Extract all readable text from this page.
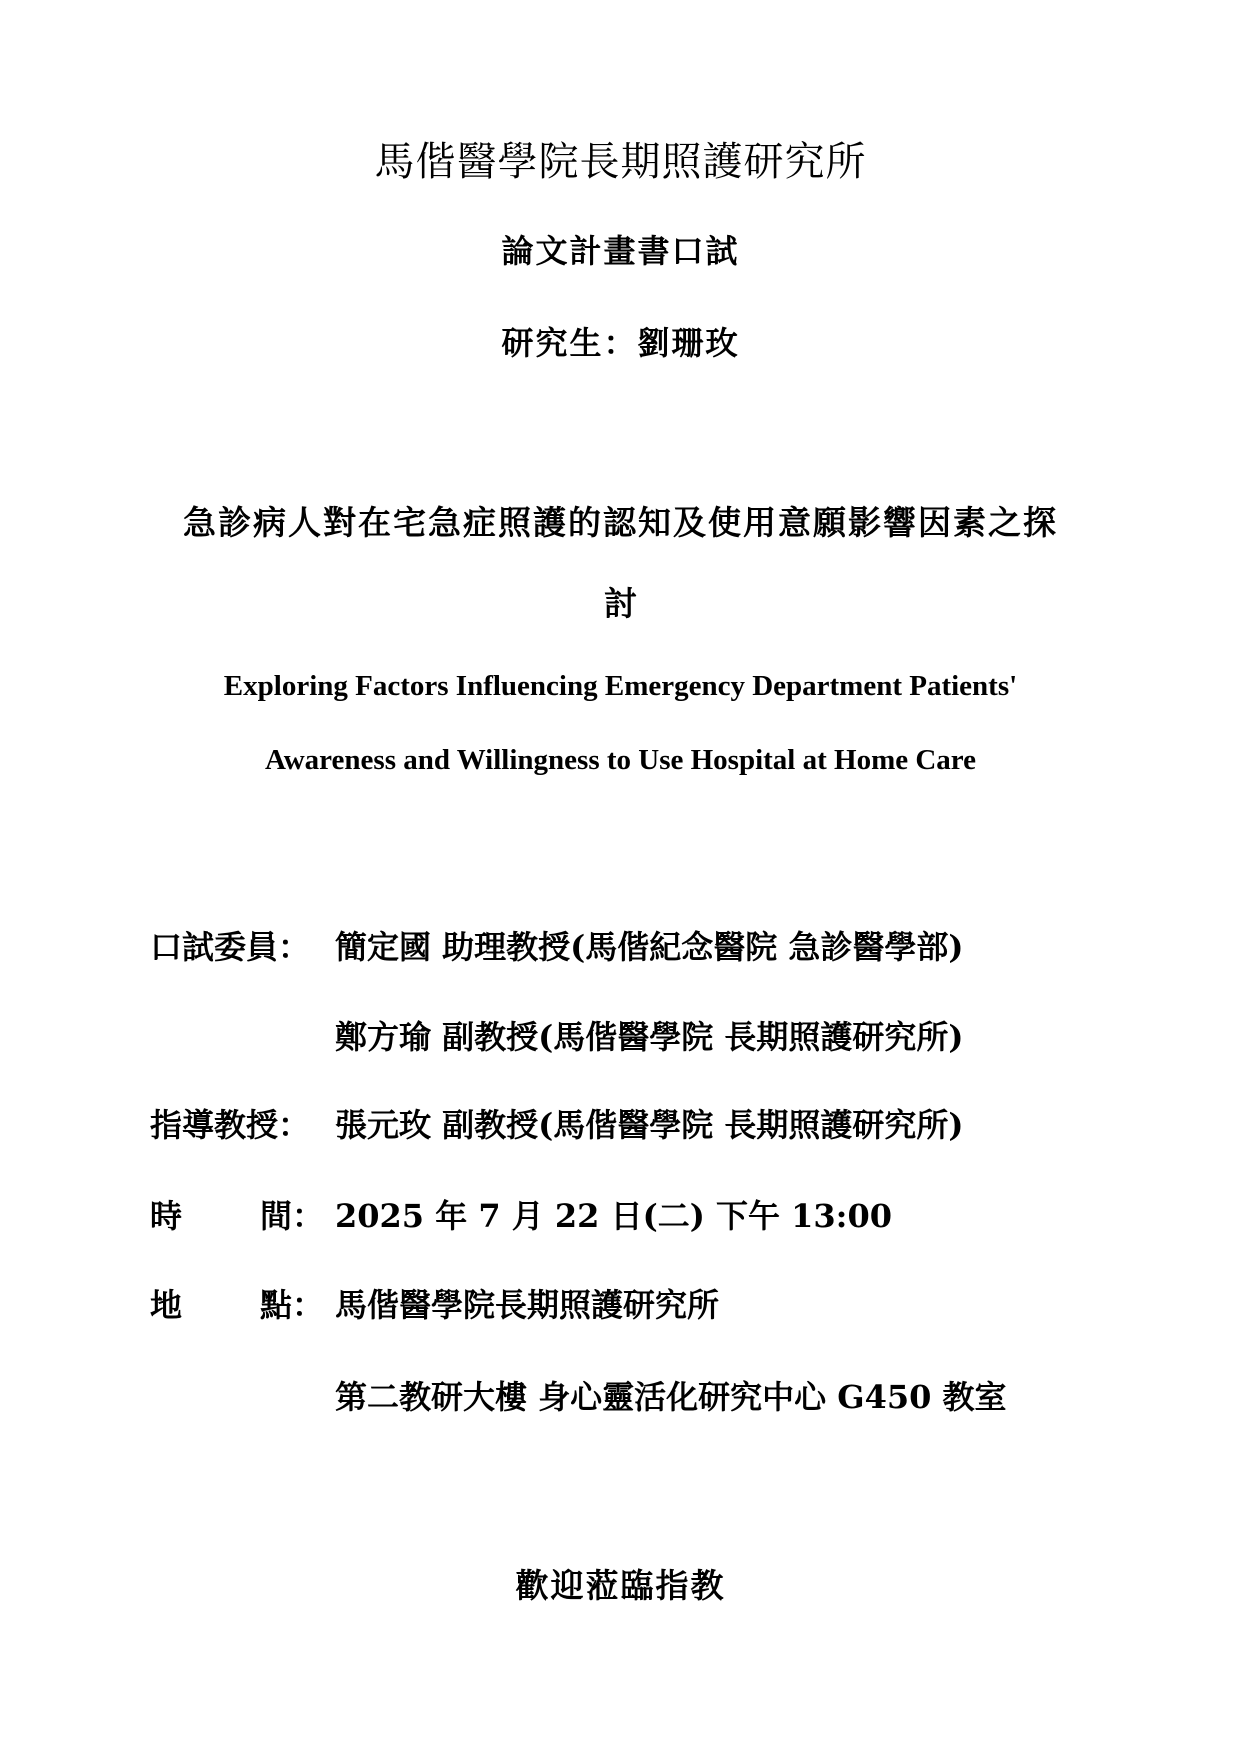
馬偕醫學院長期照護研究所
論文計畫書口試
研究生：劉珊玫
急診病人對在宅急症照護的認知及使用意願影響因素之探
討
Exploring Factors Influencing Emergency Department Patients'
Awareness and Willingness to Use Hospital at Home Care
口試委員： 簡定國 助理教授(馬偕紀念醫院 急診醫學部)
鄭方瑜 副教授(馬偕醫學院 長期照護研究所)
指導教授： 張元玫 副教授(馬偕醫學院 長期照護研究所)
時 間： 2025 年 7 月 22 日(二) 下午 13:00
地 點： 馬偕醫學院長期照護研究所
第二教研大樓 身心靈活化研究中心 G450 教室
歡迎蒞臨指教
